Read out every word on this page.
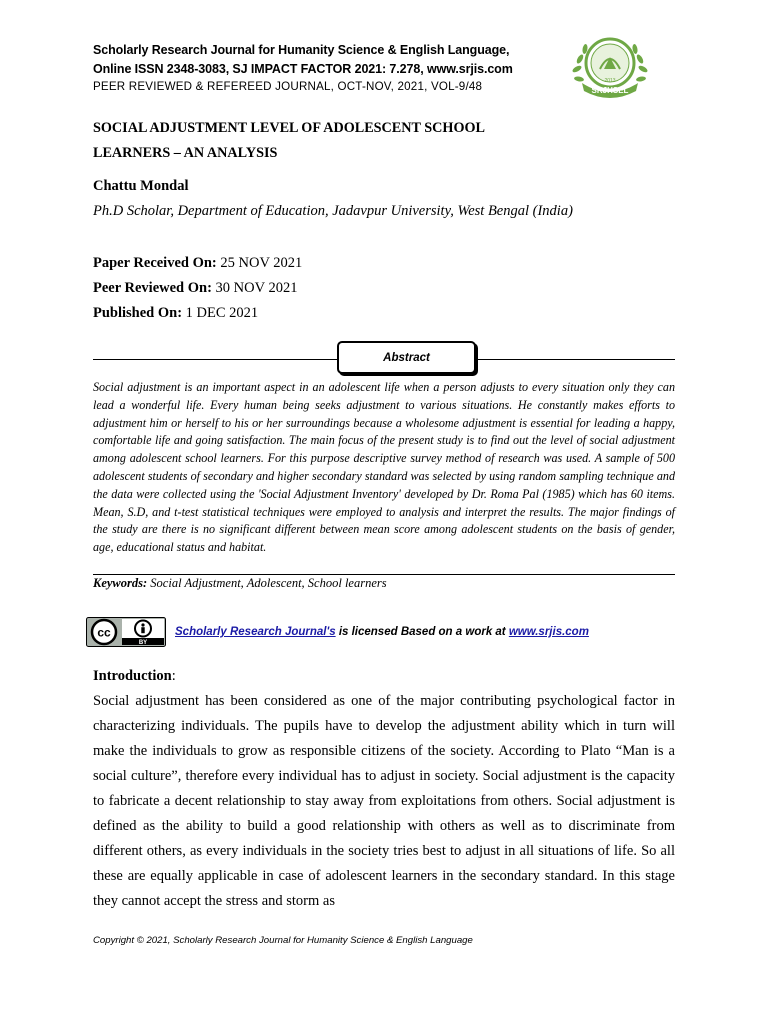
Scholarly Research Journal for Humanity Science & English Language,
Online ISSN 2348-3083, SJ IMPACT FACTOR 2021: 7.278, www.srjis.com
PEER REVIEWED & REFEREED JOURNAL, OCT-NOV, 2021, VOL-9/48	SRJHSEL
2013
SOCIAL ADJUSTMENT LEVEL OF ADOLESCENT SCHOOL
LEARNERS – AN ANALYSIS
Chattu Mondal
Ph.D Scholar, Department of Education, Jadavpur University, West Bengal (India)
Paper Received On: 25 NOV 2021
Peer Reviewed On: 30 NOV 2021
Published On: 1 DEC 2021
Abstract
Social adjustment is an important aspect in an adolescent life when a person adjusts to every situation only they can lead a wonderful life. Every human being seeks adjustment to various situations. He constantly makes efforts to adjustment him or herself to his or her surroundings because a wholesome adjustment is essential for leading a happy, comfortable life and going satisfaction. The main focus of the present study is to find out the level of social adjustment among adolescent school learners. For this purpose descriptive survey method of research was used. A sample of 500 adolescent students of secondary and higher secondary standard was selected by using random sampling technique and the data were collected using the 'Social Adjustment Inventory' developed by Dr. Roma Pal (1985) which has 60 items. Mean, S.D, and t-test statistical techniques were employed to analysis and interpret the results. The major findings of the study are there is no significant different between mean score among adolescent students on the basis of gender, age, educational status and habitat.
Keywords: Social Adjustment, Adolescent, School learners
cc
BY
Scholarly Research Journal's is licensed Based on a work at www.srjis.com
Introduction:
Social adjustment has been considered as one of the major contributing psychological factor in characterizing individuals. The pupils have to develop the adjustment ability which in turn will make the individuals to grow as responsible citizens of the society. According to Plato “Man is a social culture”, therefore every individual has to adjust in society. Social adjustment is the capacity to fabricate a decent relationship to stay away from exploitations from others. Social adjustment is defined as the ability to build a good relationship with others as well as to discriminate from different others, as every individuals in the society tries best to adjust in all situations of life. So all these are equally applicable in case of adolescent learners in the secondary standard. In this stage they cannot accept the stress and storm as
Copyright © 2021, Scholarly Research Journal for Humanity Science & English Language
